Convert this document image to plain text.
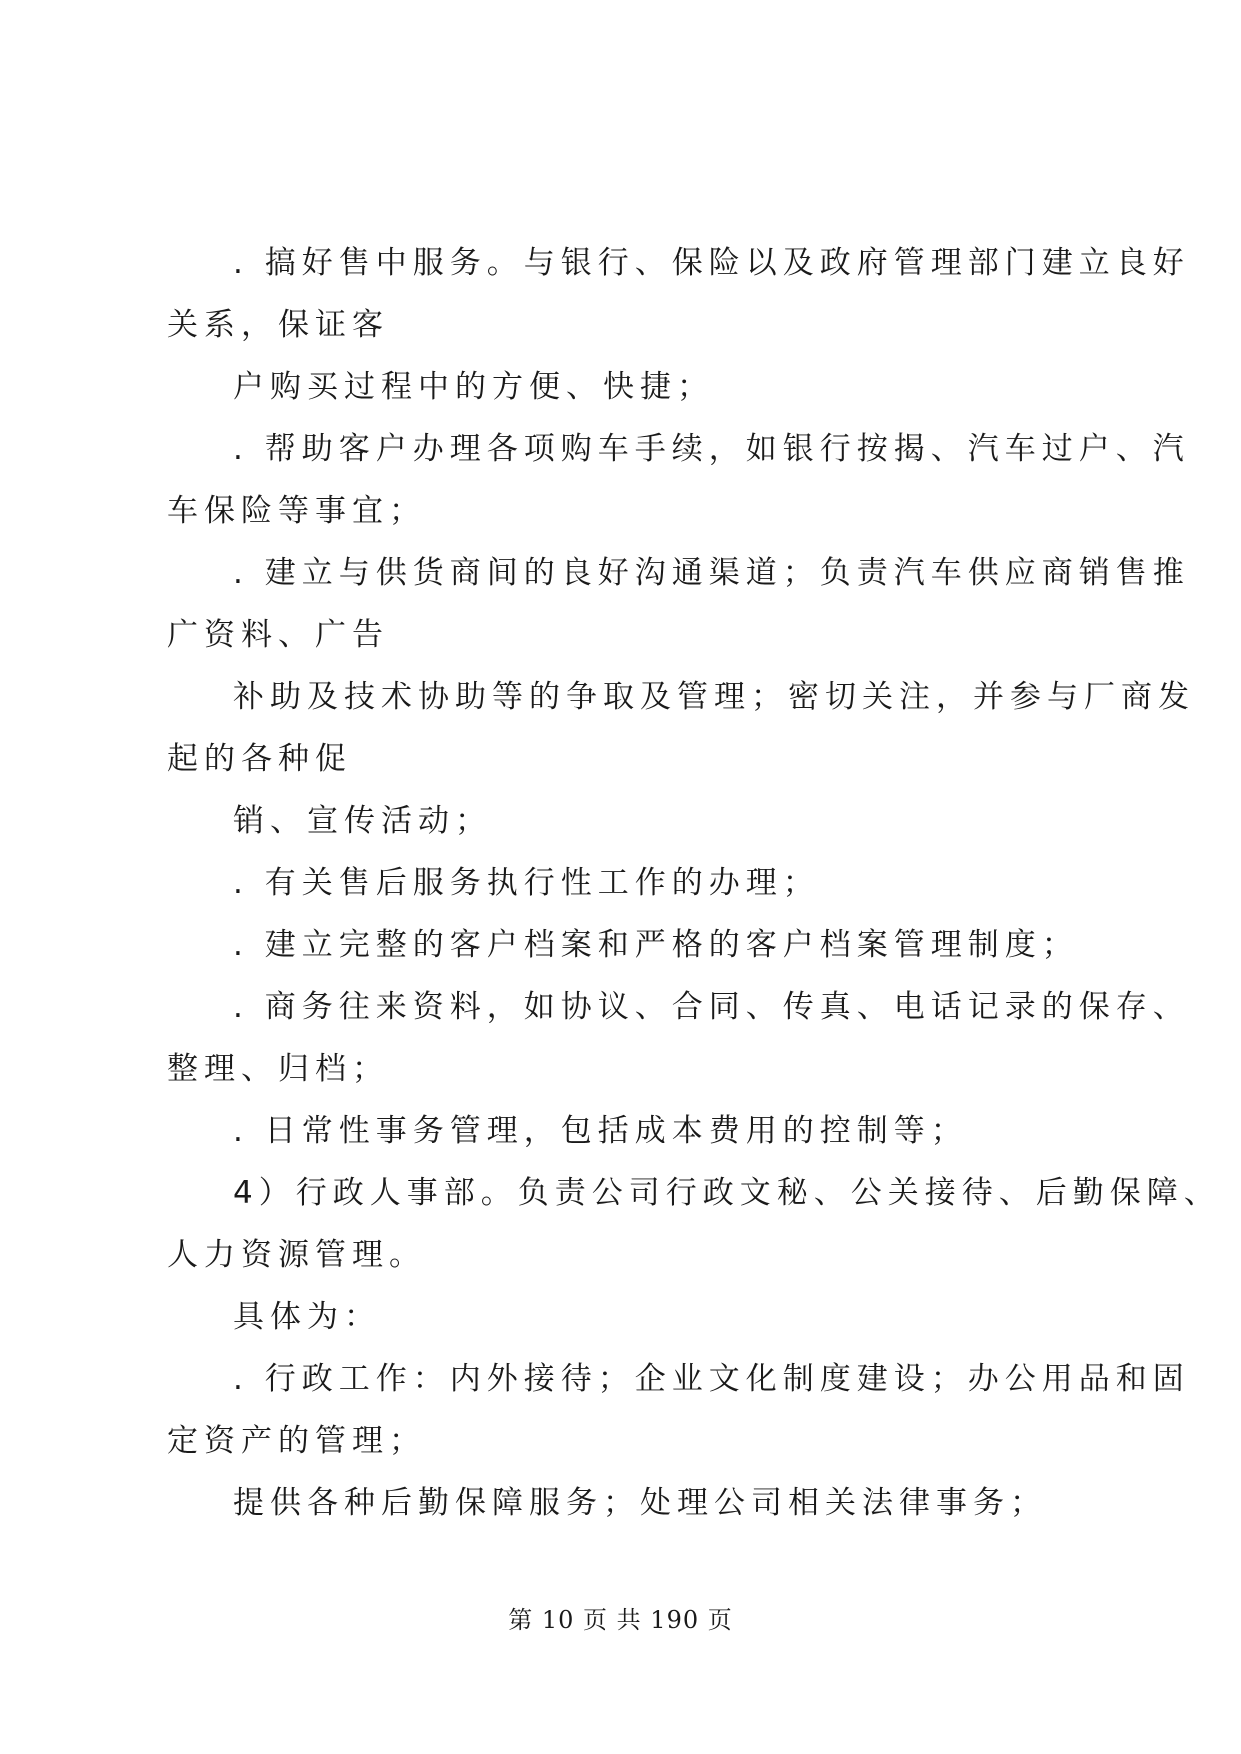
. 搞好售中服务。与银行、保险以及政府管理部门建立良好
关系，保证客
户购买过程中的方便、快捷；
. 帮助客户办理各项购车手续，如银行按揭、汽车过户、汽
车保险等事宜；
. 建立与供货商间的良好沟通渠道；负责汽车供应商销售推
广资料、广告
补助及技术协助等的争取及管理；密切关注，并参与厂商发
起的各种促
销、宣传活动；
. 有关售后服务执行性工作的办理；
. 建立完整的客户档案和严格的客户档案管理制度；
. 商务往来资料，如协议、合同、传真、电话记录的保存、
整理、归档；
. 日常性事务管理，包括成本费用的控制等；
4）行政人事部。负责公司行政文秘、公关接待、后勤保障、
人力资源管理。
具体为：
. 行政工作：内外接待；企业文化制度建设；办公用品和固
定资产的管理；
提供各种后勤保障服务；处理公司相关法律事务；
第 10 页 共 190 页
